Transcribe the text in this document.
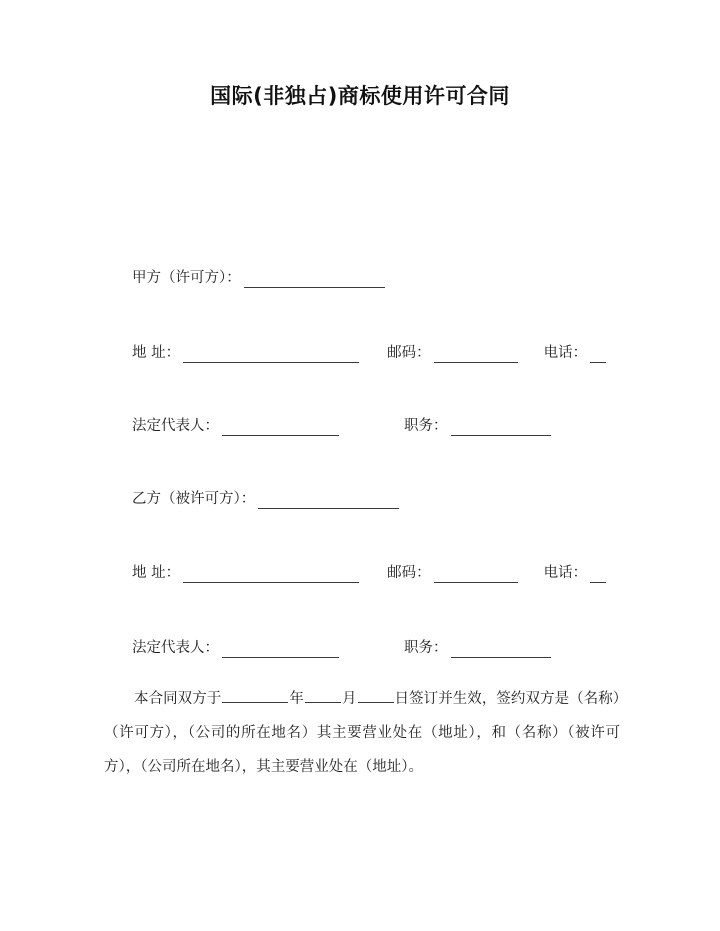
国际(非独占)商标使用许可合同
甲方（许可方）：
地 址：	邮码：	电话：
法定代表人：	职务：
乙方（被许可方）：
地 址：	邮码：	电话：
法定代表人：	职务：
本合同双方于	年	月	日签订并生效，签约双方是（名称）（许可方），（公司的所在地名）其主要营业处在（地址），和（名称）（被许可方），（公司所在地名），其主要营业处在（地址）。
